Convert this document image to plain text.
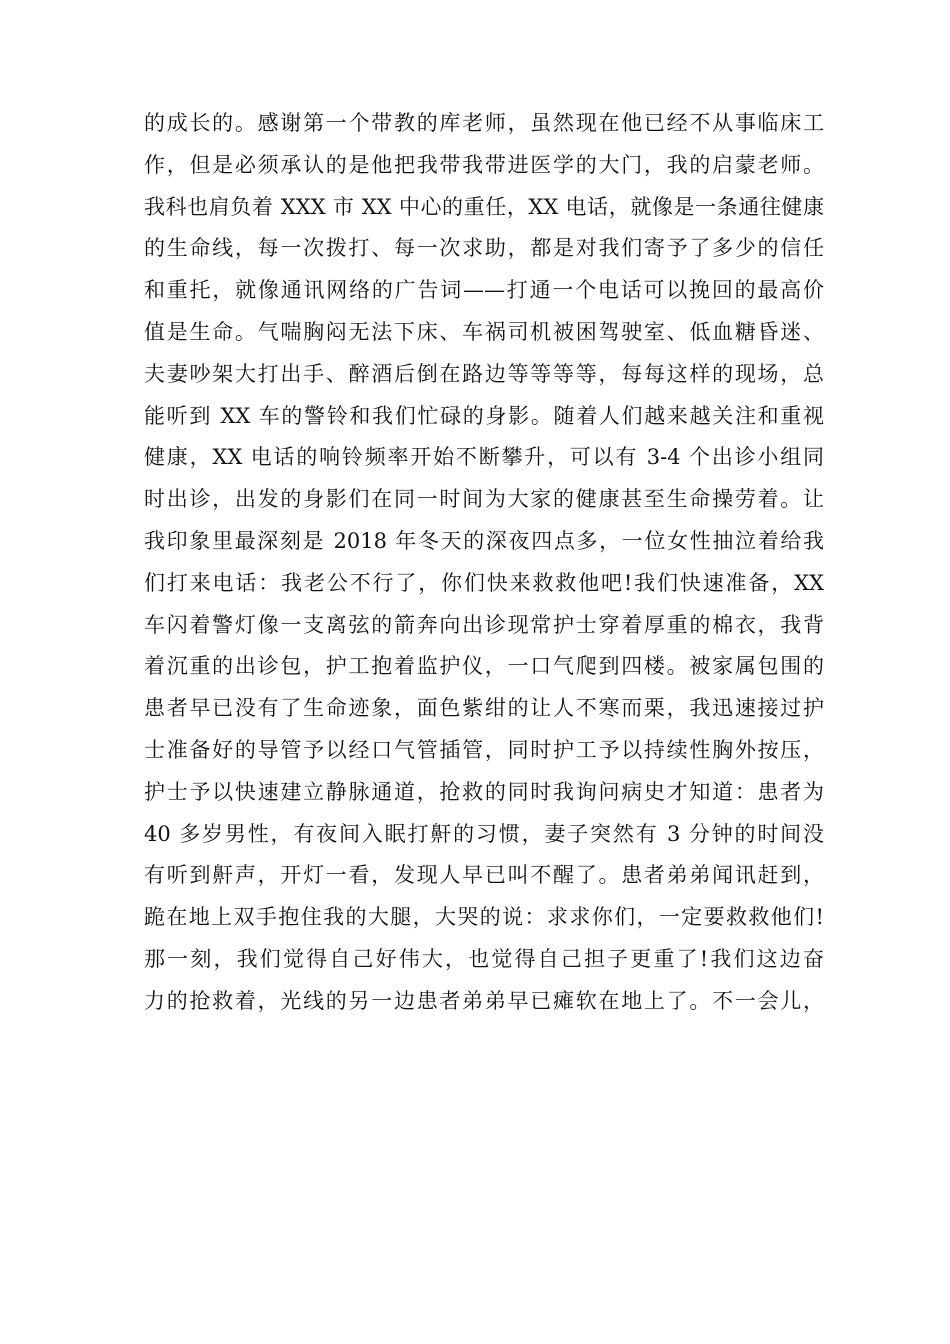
的成长的。感谢第一个带教的库老师，虽然现在他已经不从事临床工
作，但是必须承认的是他把我带我带进医学的大门，我的启蒙老师。
我科也肩负着 XXX 市 XX 中心的重任，XX 电话，就像是一条通往健康
的生命线，每一次拨打、每一次求助，都是对我们寄予了多少的信任
和重托，就像通讯网络的广告词——打通一个电话可以挽回的最高价
值是生命。气喘胸闷无法下床、车祸司机被困驾驶室、低血糖昏迷、
夫妻吵架大打出手、醉酒后倒在路边等等等等，每每这样的现场，总
能听到 XX 车的警铃和我们忙碌的身影。随着人们越来越关注和重视
健康，XX 电话的响铃频率开始不断攀升，可以有 3-4 个出诊小组同
时出诊，出发的身影们在同一时间为大家的健康甚至生命操劳着。让
我印象里最深刻是 2018 年冬天的深夜四点多，一位女性抽泣着给我
们打来电话：我老公不行了，你们快来救救他吧!我们快速准备，XX
车闪着警灯像一支离弦的箭奔向出诊现常护士穿着厚重的棉衣，我背
着沉重的出诊包，护工抱着监护仪，一口气爬到四楼。被家属包围的
患者早已没有了生命迹象，面色紫绀的让人不寒而栗，我迅速接过护
士准备好的导管予以经口气管插管，同时护工予以持续性胸外按压，
护士予以快速建立静脉通道，抢救的同时我询问病史才知道：患者为
40 多岁男性，有夜间入眠打鼾的习惯，妻子突然有 3 分钟的时间没
有听到鼾声，开灯一看，发现人早已叫不醒了。患者弟弟闻讯赶到，
跪在地上双手抱住我的大腿，大哭的说：求求你们，一定要救救他们!
那一刻，我们觉得自己好伟大，也觉得自己担子更重了!我们这边奋
力的抢救着，光线的另一边患者弟弟早已瘫软在地上了。不一会儿，
